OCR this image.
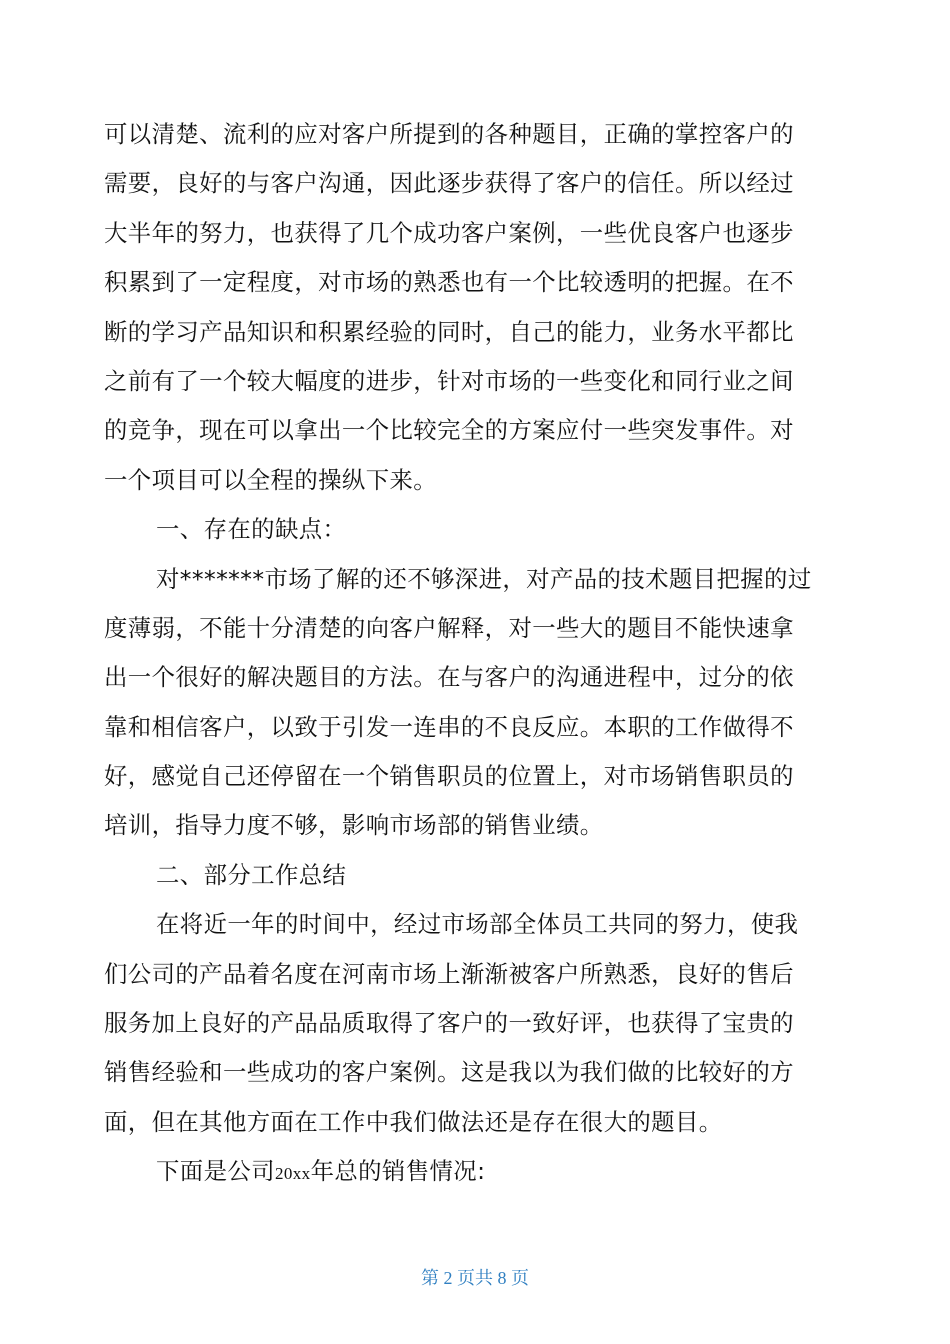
可以清楚、流利的应对客户所提到的各种题目，正确的掌控客户的
需要，良好的与客户沟通，因此逐步获得了客户的信任。所以经过
大半年的努力，也获得了几个成功客户案例，一些优良客户也逐步
积累到了一定程度，对市场的熟悉也有一个比较透明的把握。在不
断的学习产品知识和积累经验的同时，自己的能力，业务水平都比
之前有了一个较大幅度的进步，针对市场的一些变化和同行业之间
的竞争，现在可以拿出一个比较完全的方案应付一些突发事件。对
一个项目可以全程的操纵下来。
一、存在的缺点：
对*******市场了解的还不够深进，对产品的技术题目把握的过
度薄弱，不能十分清楚的向客户解释，对一些大的题目不能快速拿
出一个很好的解决题目的方法。在与客户的沟通进程中，过分的依
靠和相信客户，以致于引发一连串的不良反应。本职的工作做得不
好，感觉自己还停留在一个销售职员的位置上，对市场销售职员的
培训，指导力度不够，影响市场部的销售业绩。
二、部分工作总结
在将近一年的时间中，经过市场部全体员工共同的努力，使我
们公司的产品着名度在河南市场上渐渐被客户所熟悉，良好的售后
服务加上良好的产品品质取得了客户的一致好评，也获得了宝贵的
销售经验和一些成功的客户案例。这是我以为我们做的比较好的方
面，但在其他方面在工作中我们做法还是存在很大的题目。
下面是公司20xx年总的销售情况:
第 2 页共 8 页
